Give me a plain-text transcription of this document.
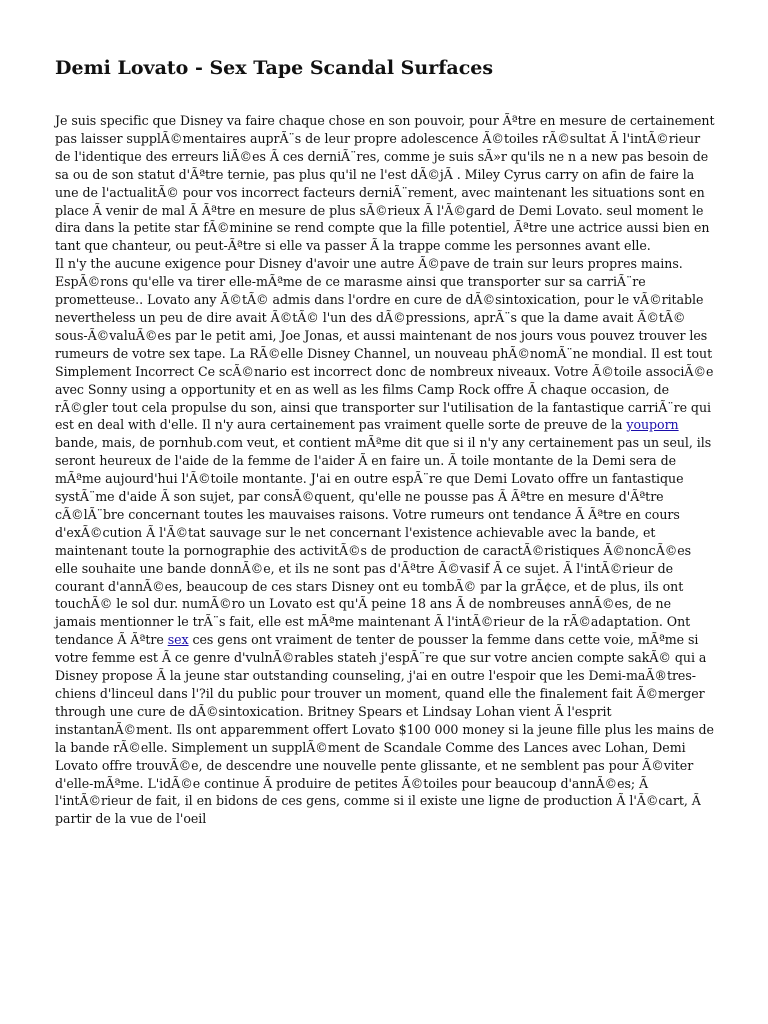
Demi Lovato - Sex Tape Scandal Surfaces
Je suis specific que Disney va faire chaque chose en son pouvoir, pour Ãªtre en mesure de certainement pas laisser supplÃ©mentaires auprÃ¨s de leur propre adolescence Ã©toiles rÃ©sultat Ã l'intÃ©rieur de l'identique des erreurs liÃ©es Ã ces derniÃ¨res, comme je suis sÃ»r qu'ils ne n a new pas besoin de sa ou de son statut d'Ãªtre ternie, pas plus qu'il ne l'est dÃ©jÃ . Miley Cyrus carry on afin de faire la une de l'actualitÃ© pour vos incorrect facteurs derniÃ¨rement, avec maintenant les situations sont en place Ã venir de mal Ã Ãªtre en mesure de plus sÃ©rieux Ã l'Ã©gard de Demi Lovato. seul moment le dira dans la petite star fÃ©minine se rend compte que la fille potentiel, Ãªtre une actrice aussi bien en tant que chanteur, ou peut-Ãªtre si elle va passer Ã la trappe comme les personnes avant elle.
Il n'y the aucune exigence pour Disney d'avoir une autre Ã©pave de train sur leurs propres mains. EspÃ©rons qu'elle va tirer elle-mÃªme de ce marasme ainsi que transporter sur sa carriÃ¨re prometteuse.. Lovato any Ã©tÃ© admis dans l'ordre en cure de dÃ©sintoxication, pour le vÃ©ritable nevertheless un peu de dire avait Ã©tÃ© l'un des dÃ©pressions, aprÃ¨s que la dame avait Ã©tÃ© sous-Ã©valuÃ©es par le petit ami, Joe Jonas, et aussi maintenant de nos jours vous pouvez trouver les rumeurs de votre sex tape. La RÃ©elle Disney Channel, un nouveau phÃ©nomÃ¨ne mondial. Il est tout Simplement Incorrect Ce scÃ©nario est incorrect donc de nombreux niveaux. Votre Ã©toile associÃ©e avec Sonny using a opportunity et en as well as les films Camp Rock offre Ã chaque occasion, de rÃ©gler tout cela propulse du son, ainsi que transporter sur l'utilisation de la fantastique carriÃ¨re qui est en deal with d'elle. Il n'y aura certainement pas vraiment quelle sorte de preuve de la youporn bande, mais, de pornhub.com veut, et contient mÃªme dit que si il n'y any certainement pas un seul, ils seront heureux de l'aide de la femme de l'aider Ã en faire un. Ã toile montante de la Demi sera de mÃªme aujourd'hui l'Ã©toile montante. J'ai en outre espÃ¨re que Demi Lovato offre un fantastique systÃ¨me d'aide Ã son sujet, par consÃ©quent, qu'elle ne pousse pas Ã Ãªtre en mesure d'Ãªtre cÃ©lÃ¨bre concernant toutes les mauvaises raisons. Votre rumeurs ont tendance Ã Ãªtre en cours d'exÃ©cution Ã l'Ã©tat sauvage sur le net concernant l'existence achievable avec la bande, et maintenant toute la pornographie des activitÃ©s de production de caractÃ©ristiques Ã©noncÃ©es elle souhaite une bande donnÃ©e, et ils ne sont pas d'Ãªtre Ã©vasif Ã ce sujet. Ã l'intÃ©rieur de courant d'annÃ©es, beaucoup de ces stars Disney ont eu tombÃ© par la grÃ¢ce, et de plus, ils ont touchÃ© le sol dur. numÃ©ro un Lovato est qu'Ã peine 18 ans Ã de nombreuses annÃ©es, de ne jamais mentionner le trÃ¨s fait, elle est mÃªme maintenant Ã l'intÃ©rieur de la rÃ©adaptation. Ont tendance Ã Ãªtre sex ces gens ont vraiment de tenter de pousser la femme dans cette voie, mÃªme si votre femme est Ã ce genre d'vulnÃ©rables stateh j'espÃ¨re que sur votre ancien compte sakÃ© qui a Disney propose Ã la jeune star outstanding counseling, j'ai en outre l'espoir que les Demi-maÃ®tres-chiens d'linceul dans l'?il du public pour trouver un moment, quand elle the finalement fait Ã©merger through une cure de dÃ©sintoxication. Britney Spears et Lindsay Lohan vient Ã l'esprit instantanÃ©ment. Ils ont apparemment offert Lovato $100 000 money si la jeune fille plus les mains de la bande rÃ©elle. Simplement un supplÃ©ment de Scandale Comme des Lances avec Lohan, Demi Lovato offre trouvÃ©e, de descendre une nouvelle pente glissante, et ne semblent pas pour Ã©viter d'elle-mÃªme. L'idÃ©e continue Ã produire de petites Ã©toiles pour beaucoup d'annÃ©es; Ã l'intÃ©rieur de fait, il en bidons de ces gens, comme si il existe une ligne de production Ã l'Ã©cart, Ã partir de la vue de l'oeil
